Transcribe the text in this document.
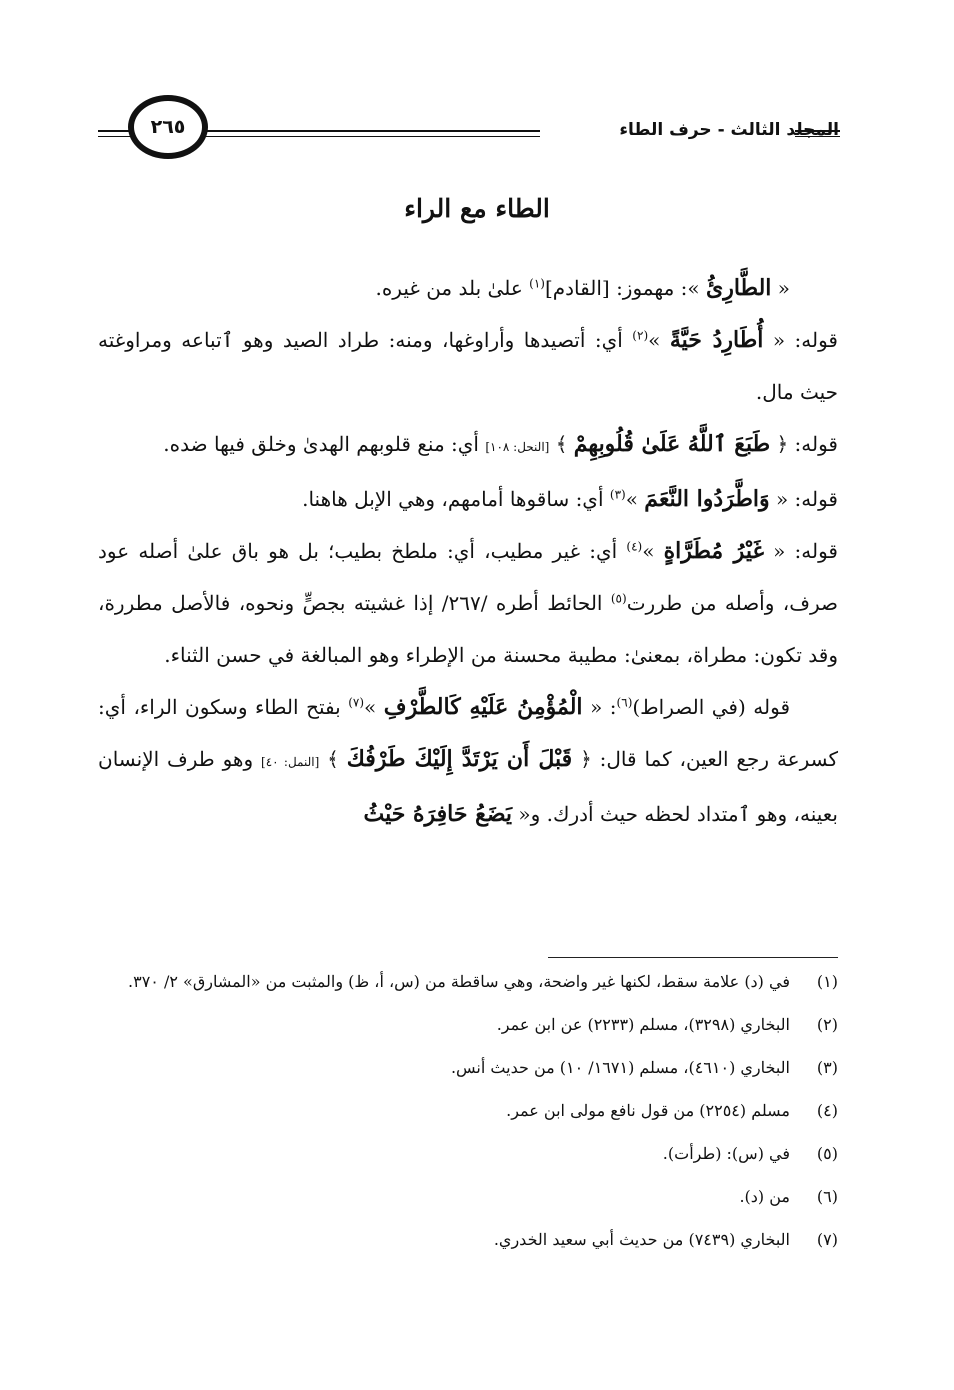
المجلد الثالث - حرف الطاء
٢٦٥
الطاء مع الراء

« الطَّارِئُ »: مهموز: [القادم]$^{(١)}$ علىٰ بلد من غيره.

قوله: « أُطَارِدُ حَيَّةً »$^{(٢)}$ أي: أتصيدها وأراوغها، ومنه: طراد الصيد وهو ٱتباعه ومراوغته حيث مال.

قوله: ﴿ طَبَعَ ٱللَّهُ عَلَىٰ قُلُوبِهِمْ ﴾ [النحل: ١٠٨] أي: منع قلوبهم الهدىٰ وخلق فيها ضده.

قوله: « وَاطَّرَدُوا النَّعَمَ »$^{(٣)}$ أي: ساقوها أمامهم، وهي الإبل هاهنا.

قوله: « غَيْرُ مُطَرَّاةٍ »$^{(٤)}$ أي: غير مطيب، أي: ملطخ بطيب؛ بل هو باق علىٰ أصله عود صرف، وأصله من طررت$^{(٥)}$ الحائط أطره /٢٦٧/ إذا غشيته بجصٍّ ونحوه، فالأصل مطررة، وقد تكون: مطراة، بمعنىٰ: مطيبة محسنة من الإطراء وهو المبالغة في حسن الثناء.

قوله (في الصراط)$^{(٦)}$: « الْمُؤْمِنُ عَلَيْهِ كَالطَّرْفِ »$^{(٧)}$ بفتح الطاء وسكون الراء، أي: كسرعة رجع العين، كما قال: ﴿ قَبْلَ أَن يَرْتَدَّ إِلَيْكَ طَرْفُكَ ﴾ [النمل: ٤٠] وهو طرف الإنسان بعينه، وهو ٱمتداد لحظه حيث أدرك. و« يَضَعُ حَافِرَهُ حَيْثُ

(١)
في (د) علامة سقط، لكنها غير واضحة، وهي ساقطة من (س، أ، ظ) والمثبت من «المشارق» ٢/ ٣٧٠.
(٢)
البخاري (٣٢٩٨)، مسلم (٢٢٣٣) عن ابن عمر.
(٣)
البخاري (٤٦١٠)، مسلم (١٦٧١/ ١٠) من حديث أنس.
(٤)
مسلم (٢٢٥٤) من قول نافع مولى ابن عمر.
(٥)
في (س): (طرأت).
(٦)
من (د).
(٧)
البخاري (٧٤٣٩) من حديث أبي سعيد الخدري.
